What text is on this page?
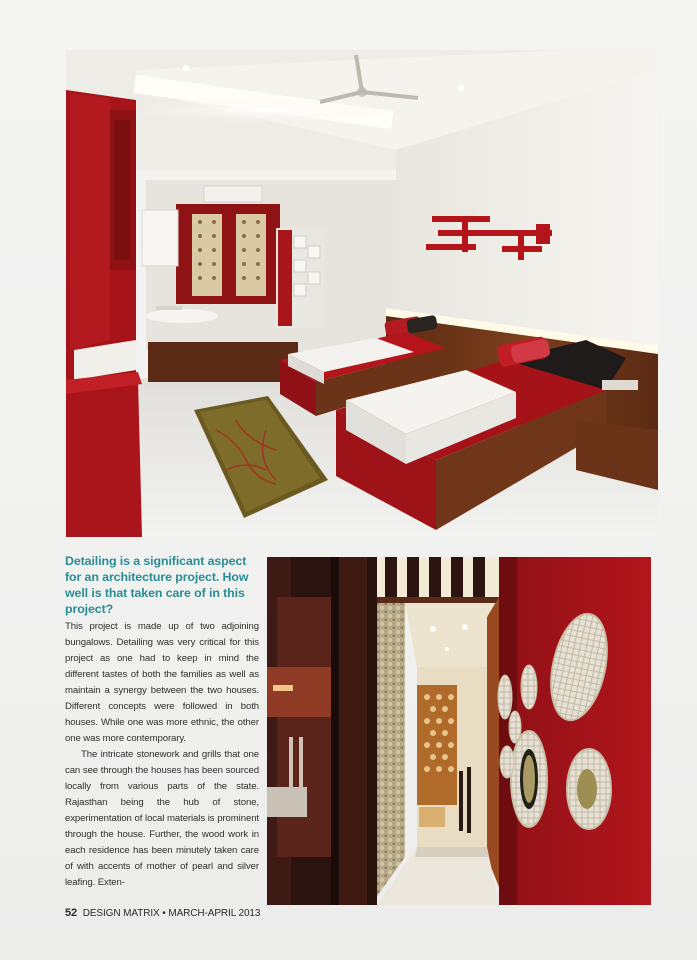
Detailing is a significant aspect for an architecture project. How well is that taken care of in this project?

This project is made up of two adjoining bungalows. Detailing was very critical for this project as one had to keep in mind the different tastes of both the families as well as maintain a synergy between the two houses. Different concepts were followed in both houses. While one was more ethnic, the other one was more contemporary.

The intricate stonework and grills that one can see through the houses has been sourced locally from various parts of the state. Rajasthan being the hub of stone, experimentation of local materials is prominent through the house. Further, the wood work in each residence has been minutely taken care of with accents of mother of pearl and silver leafing. Exten-

52 DESIGN MATRIX • MARCH-APRIL 2013
